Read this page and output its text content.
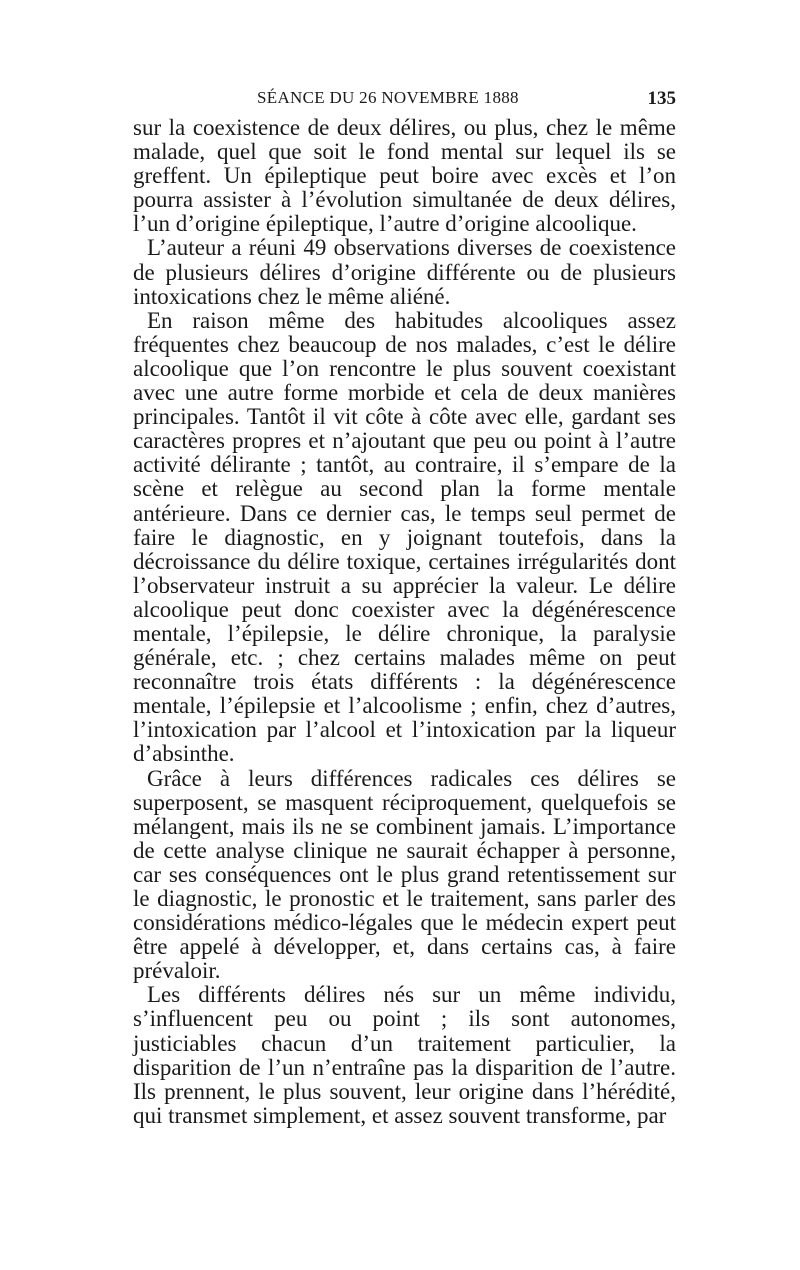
SÉANCE DU 26 NOVEMBRE 1888	135

sur la coexistence de deux délires, ou plus, chez le même malade, quel que soit le fond mental sur lequel ils se greffent. Un épileptique peut boire avec excès et l’on pourra assister à l’évolution simultanée de deux délires, l’un d’origine épileptique, l’autre d’origine alcoolique.

L’auteur a réuni 49 observations diverses de coexistence de plusieurs délires d’origine différente ou de plusieurs intoxications chez le même aliéné.

En raison même des habitudes alcooliques assez fréquentes chez beaucoup de nos malades, c’est le délire alcoolique que l’on rencontre le plus souvent coexistant avec une autre forme morbide et cela de deux manières principales. Tantôt il vit côte à côte avec elle, gardant ses caractères propres et n’ajoutant que peu ou point à l’autre activité délirante ; tantôt, au contraire, il s’empare de la scène et relègue au second plan la forme mentale antérieure. Dans ce dernier cas, le temps seul permet de faire le diagnostic, en y joignant toutefois, dans la décroissance du délire toxique, certaines irrégularités dont l’observateur instruit a su apprécier la valeur. Le délire alcoolique peut donc coexister avec la dégénérescence mentale, l’épilepsie, le délire chronique, la paralysie générale, etc. ; chez certains malades même on peut reconnaître trois états différents : la dégénérescence mentale, l’épilepsie et l’alcoolisme ; enfin, chez d’autres, l’intoxication par l’alcool et l’intoxication par la liqueur d’absinthe.

Grâce à leurs différences radicales ces délires se superposent, se masquent réciproquement, quelquefois se mélangent, mais ils ne se combinent jamais. L’importance de cette analyse clinique ne saurait échapper à personne, car ses conséquences ont le plus grand retentissement sur le diagnostic, le pronostic et le traitement, sans parler des considérations médico-légales que le médecin expert peut être appelé à développer, et, dans certains cas, à faire prévaloir.

Les différents délires nés sur un même individu, s’influencent peu ou point ; ils sont autonomes, justiciables chacun d’un traitement particulier, la disparition de l’un n’entraîne pas la disparition de l’autre. Ils prennent, le plus souvent, leur origine dans l’hérédité, qui transmet simplement, et assez souvent transforme, par
